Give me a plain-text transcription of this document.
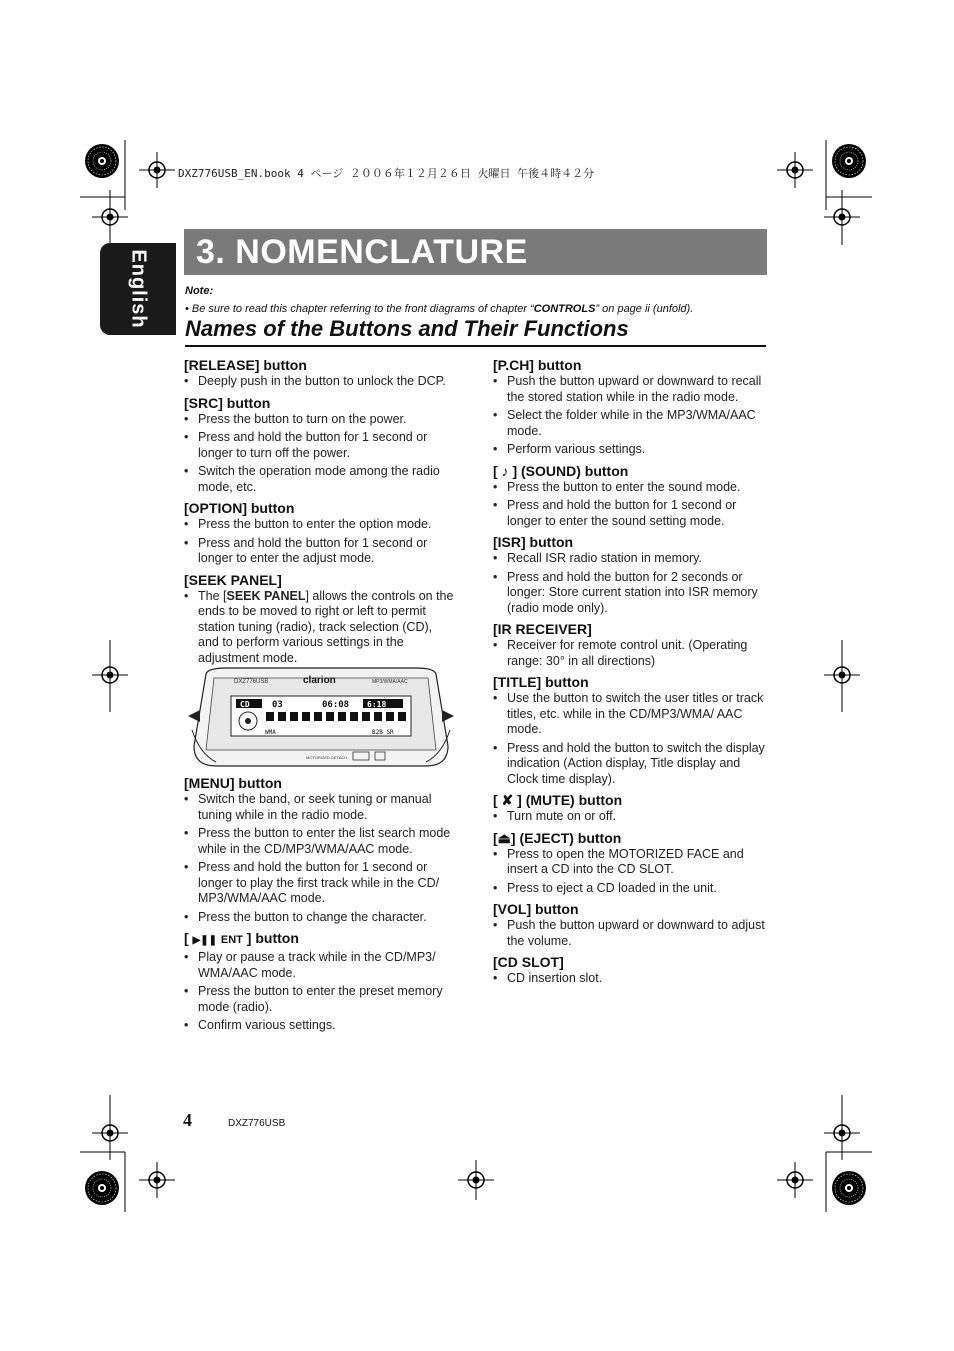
DXZ776USB_EN.book 4 ページ ２００６年１２月２６日 火曜日 午後４時４２分
English 3. NOMENCLATURE
Note:
• Be sure to read this chapter referring to the front diagrams of chapter “CONTROLS” on page ii (unfold).
Names of the Buttons and Their Functions

[RELEASE] button

• Deeply push in the button to unlock the DCP.

[SRC] button

• Press the button to turn on the power.
• Press and hold the button for 1 second or longer to turn off the power.
• Switch the operation mode among the radio mode, etc.

[OPTION] button

• Press the button to enter the option mode.
• Press and hold the button for 1 second or longer to enter the adjust mode.

[SEEK PANEL]

• The [SEEK PANEL] allows the controls on the ends to be moved to right or left to permit station tuning (radio), track selection (CD), and to perform various settings in the adjustment mode.
CD
DXZ776USB	clarion	MP3/WMA/AAC
03	06:08 6:18
WMA	B2B SR
MOTORIZED DETACH

[MENU] button

• Switch the band, or seek tuning or manual tuning while in the radio mode.
• Press the button to enter the list search mode while in the CD/MP3/WMA/AAC mode.
• Press and hold the button for 1 second or longer to play the first track while in the CD/ MP3/WMA/AAC mode.
• Press the button to change the character.

[ ▶❚❚ ENT ] button

• Play or pause a track while in the CD/MP3/ WMA/AAC mode.
• Press the button to enter the preset memory mode (radio).
• Confirm various settings.

[P.CH] button

• Push the button upward or downward to recall the stored station while in the radio mode.
• Select the folder while in the MP3/WMA/AAC mode.
• Perform various settings.

[ ♪ ] (SOUND) button

• Press the button to enter the sound mode.
• Press and hold the button for 1 second or longer to enter the sound setting mode.

[ISR] button

• Recall ISR radio station in memory.
• Press and hold the button for 2 seconds or longer: Store current station into ISR memory (radio mode only).

[IR RECEIVER]

• Receiver for remote control unit. (Operating range: 30° in all directions)

[TITLE] button

• Use the button to switch the user titles or track titles, etc. while in the CD/MP3/WMA/ AAC mode.
• Press and hold the button to switch the display indication (Action display, Title display and Clock time display).

[ ✘ ] (MUTE) button

• Turn mute on or off.

[⏏] (EJECT) button

• Press to open the MOTORIZED FACE and insert a CD into the CD SLOT.
• Press to eject a CD loaded in the unit.

[VOL] button

• Push the button upward or downward to adjust the volume.

[CD SLOT]

• CD insertion slot.
4	DXZ776USB
